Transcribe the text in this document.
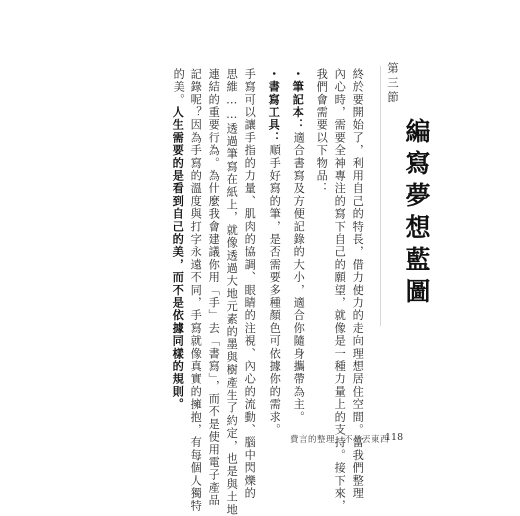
第三節
編寫夢想藍圖
終於要開始了，利用自己的特長，借力使力的走向理想居住空間。當我們整理
內心時，需要全神專注的寫下自己的願望，就像是一種力量上的支持。接下來，
我們會需要以下物品：
・筆記本：適合書寫及方便記錄的大小，適合你隨身攜帶為主。
・書寫工具：順手好寫的筆，是否需要多種顏色可依據你的需求。
手寫可以讓手指的力量、肌肉的協調、眼睛的注視、內心的流動、腦中閃爍的
思維……透過筆寫在紙上，就像透過大地元素的墨與樹產生了約定，也是與土地
連結的重要行為。為什麼我會建議你用「手」去「書寫」，而不是使用電子產品
記錄呢？因為手寫的溫度與打字永遠不同，手寫就像真實的擁抱，有每個人獨特
的美。人生需要的是看到自己的美，而不是依據同樣的規則。
費言的整理：不是丟東西
118
